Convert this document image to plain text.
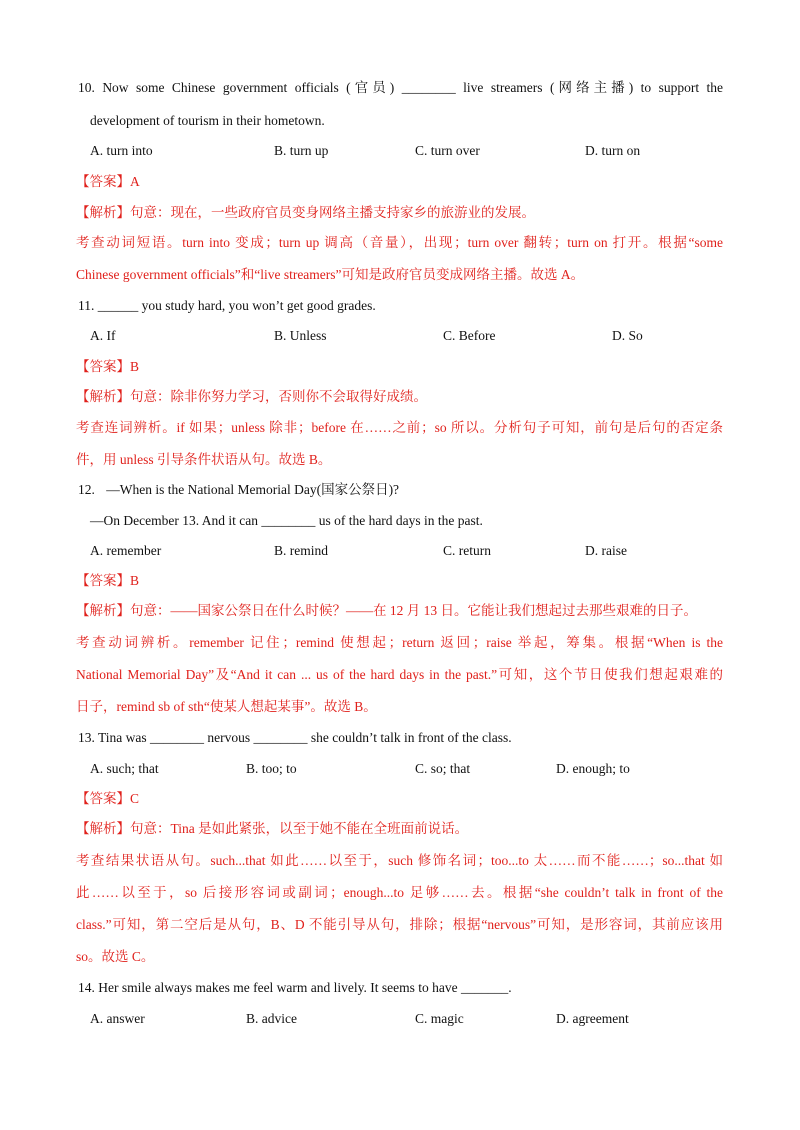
10. Now some Chinese government officials (官员) ________ live streamers (网络主播) to support the
development of tourism in their hometown.
A. turn into	B. turn up	C. turn over	D. turn on
【答案】A
【解析】句意：现在，一些政府官员变身网络主播支持家乡的旅游业的发展。
考查动词短语。turn into 变成；turn up 调高（音量），出现；turn over 翻转；turn on 打开。根据“some
Chinese government officials”和“live streamers”可知是政府官员变成网络主播。故选 A。
11. ______ you study hard, you won’t get good grades.
A. If	B. Unless	C. Before	D. So
【答案】B
【解析】句意：除非你努力学习，否则你不会取得好成绩。
考查连词辨析。if 如果；unless 除非；before 在……之前；so 所以。分析句子可知，前句是后句的否定条
件，用 unless 引导条件状语从句。故选 B。
12. —When is the National Memorial Day(国家公祭日)?
—On December 13. And it can ________ us of the hard days in the past.
A. remember	B. remind	C. return	D. raise
【答案】B
【解析】句意：——国家公祭日在什么时候？——在 12 月 13 日。它能让我们想起过去那些艰难的日子。
考查动词辨析。remember 记住；remind 使想起；return 返回；raise 举起，筹集。根据“When is the
National Memorial Day”及“And it can ... us of the hard days in the past.”可知，这个节日使我们想起艰难的
日子，remind sb of sth“使某人想起某事”。故选 B。
13. Tina was ________ nervous ________ she couldn’t talk in front of the class.
A. such; that	B. too; to	C. so; that	D. enough; to
【答案】C
【解析】句意：Tina 是如此紧张，以至于她不能在全班面前说话。
考查结果状语从句。such...that 如此……以至于，such 修饰名词；too...to 太……而不能……；so...that 如
此……以至于，so 后接形容词或副词；enough...to 足够……去。根据“she couldn’t talk in front of the
class.”可知，第二空后是从句，B、D 不能引导从句，排除；根据“nervous”可知，是形容词，其前应该用
so。故选 C。
14. Her smile always makes me feel warm and lively. It seems to have _______.
A. answer	B. advice	C. magic	D. agreement
